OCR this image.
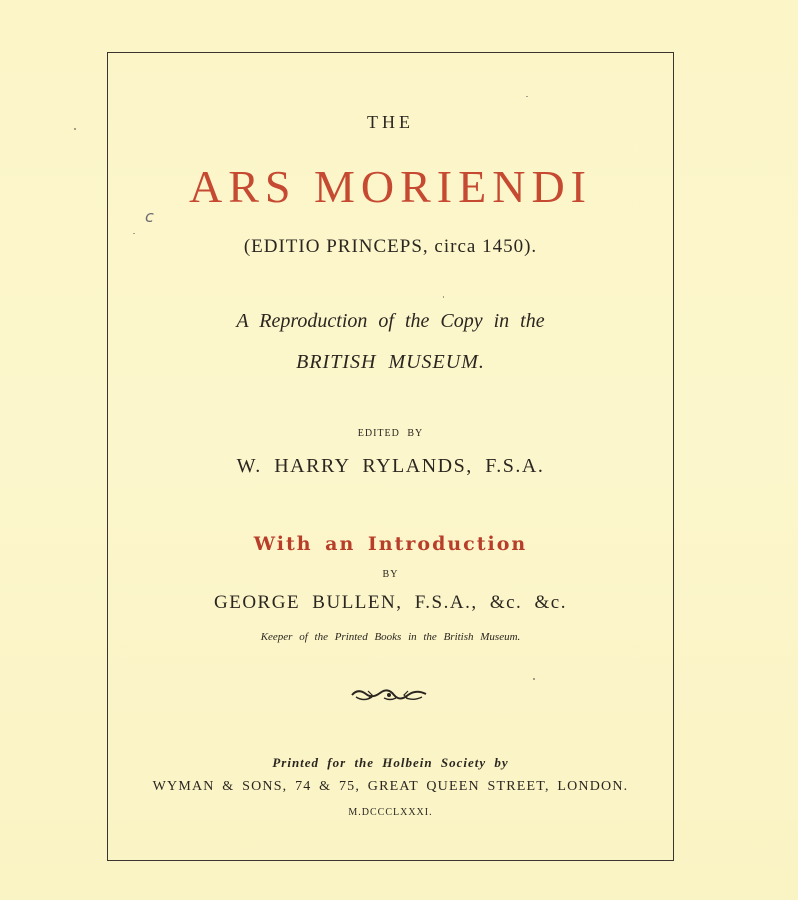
THE
ARS MORIENDI
c
(EDITIO PRINCEPS, circa 1450).
A Reproduction of the Copy in the
BRITISH MUSEUM.
EDITED BY
W. HARRY RYLANDS, F.S.A.
With an Introduction
BY
GEORGE BULLEN, F.S.A., &c. &c.
Keeper of the Printed Books in the British Museum.
Printed for the Holbein Society by
WYMAN & SONS, 74 & 75, GREAT QUEEN STREET, LONDON.
M.DCCCLXXXI.
